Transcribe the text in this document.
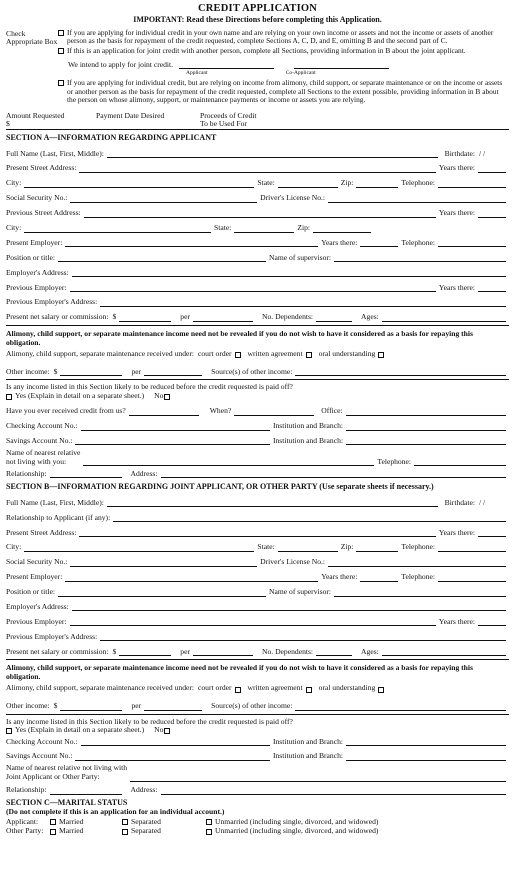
CREDIT APPLICATION
IMPORTANT: Read these Directions before completing this Application.
Check Appropriate Box
If you are applying for individual credit in your own name and are relying on your own income or assets and not the income or assets of another person as the basis for repayment of the credit requested, complete Sections A, C, D, and E, omitting B and the second part of C.
If this is an application for joint credit with another person, complete all Sections, providing information in B about the joint applicant.
We intend to apply for joint credit.
Applicant	Co-Applicant
If you are applying for individual credit, but are relying on income from alimony, child support, or separate maintenance or on the income or assets or another person as the basis for repayment of the credit requested, complete all Sections to the extent possible, providing information in B about the person on whose alimony, support, or maintenance payments or income or assets you are relying.
Amount Requested
$
Payment Date Desired	Proceeds of Credit
To be Used For
SECTION A—INFORMATION REGARDING APPLICANT
Full Name (Last, First, Middle):	Birthdate: / /
Present Street Address:	Years there:
City:	State:	Zip:	Telephone:
Social Security No.:	Driver's License No.:
Previous Street Address:	Years there:
City:	State:	Zip:
Present Employer:	Years there:	Telephone:
Position or title:	Name of supervisor:
Employer's Address:
Previous Employer:	Years there:
Previous Employer's Address:
Present net salary or commission: $	per	No. Dependents:	Ages:
Alimony, child support, or separate maintenance income need not be revealed if you do not wish to have it considered as a basis for repaying this obligation.
Alimony, child support, separate maintenance received under: court order written agreement oral understanding
Other income: $	per	Source(s) of other income:
Is any income listed in this Section likely to be reduced before the credit requested is paid off?
Yes (Explain in detail on a separate sheet.) No
Have you ever received credit from us?	When?	Office:
Checking Account No.:	Institution and Branch:
Savings Account No.:	Institution and Branch:
Name of nearest relative
not living with you:	Telephone:
Relationship:	Address:
SECTION B—INFORMATION REGARDING JOINT APPLICANT, OR OTHER PARTY (Use separate sheets if necessary.)
Full Name (Last, First, Middle):	Birthdate: / /
Relationship to Applicant (if any):
Present Street Address:	Years there:
City:	State:	Zip:	Telephone:
Social Security No.:	Driver's License No.:
Present Employer:	Years there:	Telephone:
Position or title:	Name of supervisor:
Employer's Address:
Previous Employer:	Years there:
Previous Employer's Address:
Present net salary or commission: $	per	No. Dependents:	Ages:
Alimony, child support, or separate maintenance income need not be revealed if you do not wish to have it considered as a basis for repaying this obligation.
Alimony, child support, separate maintenance received under: court order written agreement oral understanding
Other income: $	per	Source(s) of other income:
Is any income listed in this Section likely to be reduced before the credit requested is paid off?
Yes (Explain in detail on a separate sheet.) No
Checking Account No.:	Institution and Branch:
Savings Account No.:	Institution and Branch:
Name of nearest relative not living with
Joint Applicant or Other Party:
Relationship:	Address:
SECTION C—MARITAL STATUS
(Do not complete if this is an application for an individual account.)
Applicant:	Married	Separated	Unmarried (including single, divorced, and widowed)
Other Party:	Married	Separated	Unmarried (including single, divorced, and widowed)
